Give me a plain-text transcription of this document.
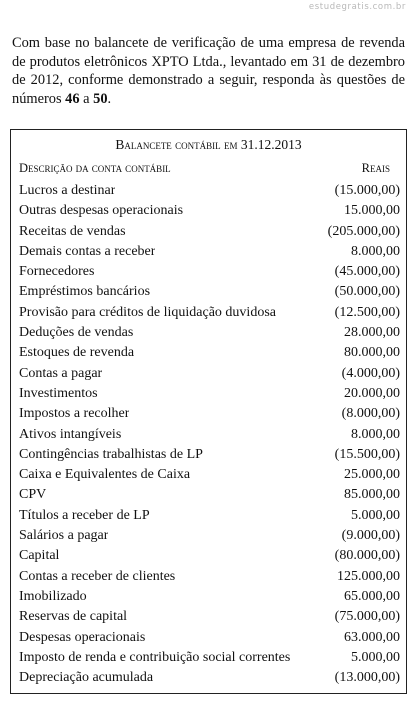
estudegratis.com.br

Com base no balancete de verificação de uma empresa de revenda de produtos eletrônicos XPTO Ltda., levantado em 31 de dezembro de 2012, conforme demonstrado a seguir, responda às questões de números 46 a 50.

Balancete contábil em 31.12.2013
Descrição da conta contábil	Reais
Lucros a destinar	(15.000,00)
Outras despesas operacionais	15.000,00
Receitas de vendas	(205.000,00)
Demais contas a receber	8.000,00
Fornecedores	(45.000,00)
Empréstimos bancários	(50.000,00)
Provisão para créditos de liquidação duvidosa	(12.500,00)
Deduções de vendas	28.000,00
Estoques de revenda	80.000,00
Contas a pagar	(4.000,00)
Investimentos	20.000,00
Impostos a recolher	(8.000,00)
Ativos intangíveis	8.000,00
Contingências trabalhistas de LP	(15.500,00)
Caixa e Equivalentes de Caixa	25.000,00
CPV	85.000,00
Títulos a receber de LP	5.000,00
Salários a pagar	(9.000,00)
Capital	(80.000,00)
Contas a receber de clientes	125.000,00
Imobilizado	65.000,00
Reservas de capital	(75.000,00)
Despesas operacionais	63.000,00
Imposto de renda e contribuição social correntes	5.000,00
Depreciação acumulada	(13.000,00)
